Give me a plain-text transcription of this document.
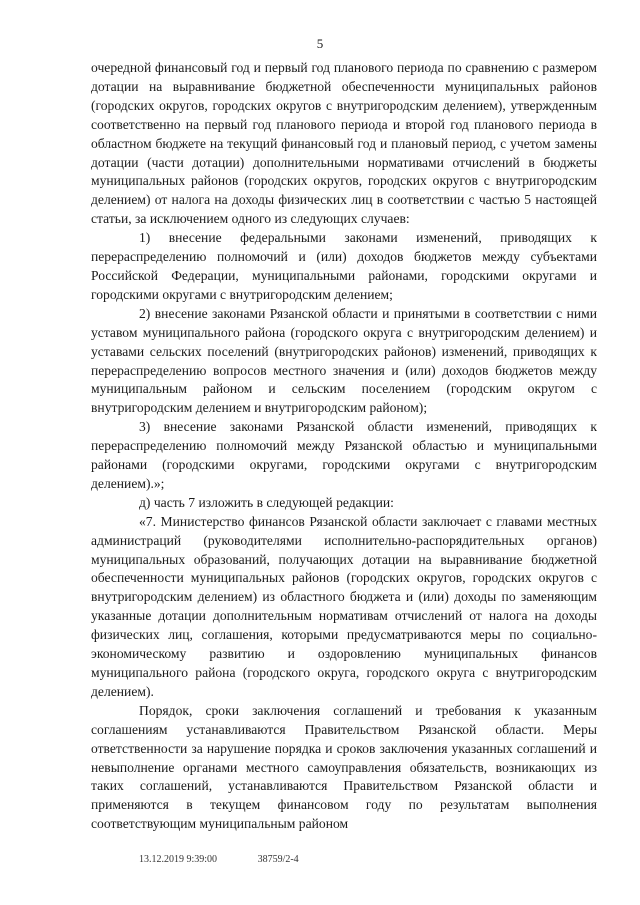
5

очередной финансовый год и первый год планового периода по сравнению с размером дотации на выравнивание бюджетной обеспеченности муниципальных районов (городских округов, городских округов с внутригородским делением), утвержденным соответственно на первый год планового периода и второй год планового периода в областном бюджете на текущий финансовый год и плановый период, с учетом замены дотации (части дотации) дополнительными нормативами отчислений в бюджеты муниципальных районов (городских округов, городских округов с внутригородским делением) от налога на доходы физических лиц в соответствии с частью 5 настоящей статьи, за исключением одного из следующих случаев:

1) внесение федеральными законами изменений, приводящих к перераспределению полномочий и (или) доходов бюджетов между субъектами Российской Федерации, муниципальными районами, городскими округами и городскими округами с внутригородским делением;

2) внесение законами Рязанской области и принятыми в соответствии с ними уставом муниципального района (городского округа с внутригородским делением) и уставами сельских поселений (внутригородских районов) изменений, приводящих к перераспределению вопросов местного значения и (или) доходов бюджетов между муниципальным районом и сельским поселением (городским округом с внутригородским делением и внутригородским районом);

3) внесение законами Рязанской области изменений, приводящих к перераспределению полномочий между Рязанской областью и муниципальными районами (городскими округами, городскими округами с внутригородским делением).»;

д) часть 7 изложить в следующей редакции:

«7. Министерство финансов Рязанской области заключает с главами местных администраций (руководителями исполнительно-распорядительных органов) муниципальных образований, получающих дотации на выравнивание бюджетной обеспеченности муниципальных районов (городских округов, городских округов с внутригородским делением) из областного бюджета и (или) доходы по заменяющим указанные дотации дополнительным нормативам отчислений от налога на доходы физических лиц, соглашения, которыми предусматриваются меры по социально-экономическому развитию и оздоровлению муниципальных финансов муниципального района (городского округа, городского округа с внутригородским делением).

Порядок, сроки заключения соглашений и требования к указанным соглашениям устанавливаются Правительством Рязанской области. Меры ответственности за нарушение порядка и сроков заключения указанных соглашений и невыполнение органами местного самоуправления обязательств, возникающих из таких соглашений, устанавливаются Правительством Рязанской области и применяются в текущем финансовом году по результатам выполнения соответствующим муниципальным районом

13.12.2019 9:39:00	38759/2-4
